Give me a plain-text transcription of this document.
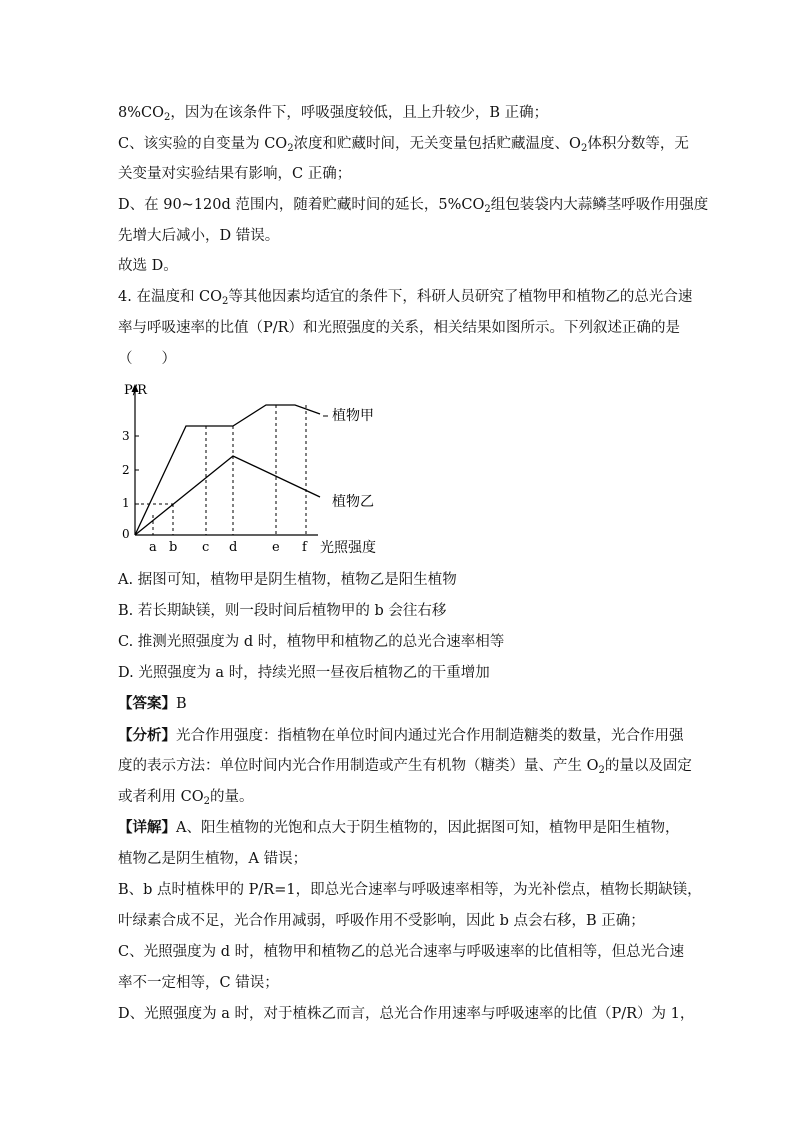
$8\%CO_2$，因为在该条件下，呼吸强度较低，且上升较少，B 正确；
C、该实验的自变量为 $CO_2$浓度和贮藏时间，无关变量包括贮藏温度、$O_2$体积分数等，无
关变量对实验结果有影响，C 正确；
D、在 90~120d 范围内，随着贮藏时间的延长，$5\%CO_2$组包装袋内大蒜鳞茎呼吸作用强度
先增大后减小，D 错误。
故选 D。
4. 在温度和 $CO_2$等其他因素均适宜的条件下，科研人员研究了植物甲和植物乙的总光合速
率与呼吸速率的比值（P/R）和光照强度的关系，相关结果如图所示。下列叙述正确的是
（　　）
P/R
光照强度
0
1
2
3
a b c d	e f
植物甲
植物乙
A. 据图可知，植物甲是阴生植物，植物乙是阳生植物
B. 若长期缺镁，则一段时间后植物甲的 b 会往右移
C. 推测光照强度为 d 时，植物甲和植物乙的总光合速率相等
D. 光照强度为 a 时，持续光照一昼夜后植物乙的干重增加
【答案】B
【分析】光合作用强度：指植物在单位时间内通过光合作用制造糖类的数量，光合作用强
度的表示方法：单位时间内光合作用制造或产生有机物（糖类）量、产生 $O_2$的量以及固定
或者利用 $CO_2$的量。
【详解】A、阳生植物的光饱和点大于阴生植物的，因此据图可知，植物甲是阳生植物，
植物乙是阴生植物，A 错误；
B、b 点时植株甲的 P/R=1，即总光合速率与呼吸速率相等，为光补偿点，植物长期缺镁，
叶绿素合成不足，光合作用减弱，呼吸作用不受影响，因此 b 点会右移，B 正确；
C、光照强度为 d 时，植物甲和植物乙的总光合速率与呼吸速率的比值相等，但总光合速
率不一定相等，C 错误；
D、光照强度为 a 时，对于植株乙而言，总光合作用速率与呼吸速率的比值（P/R）为 1，
